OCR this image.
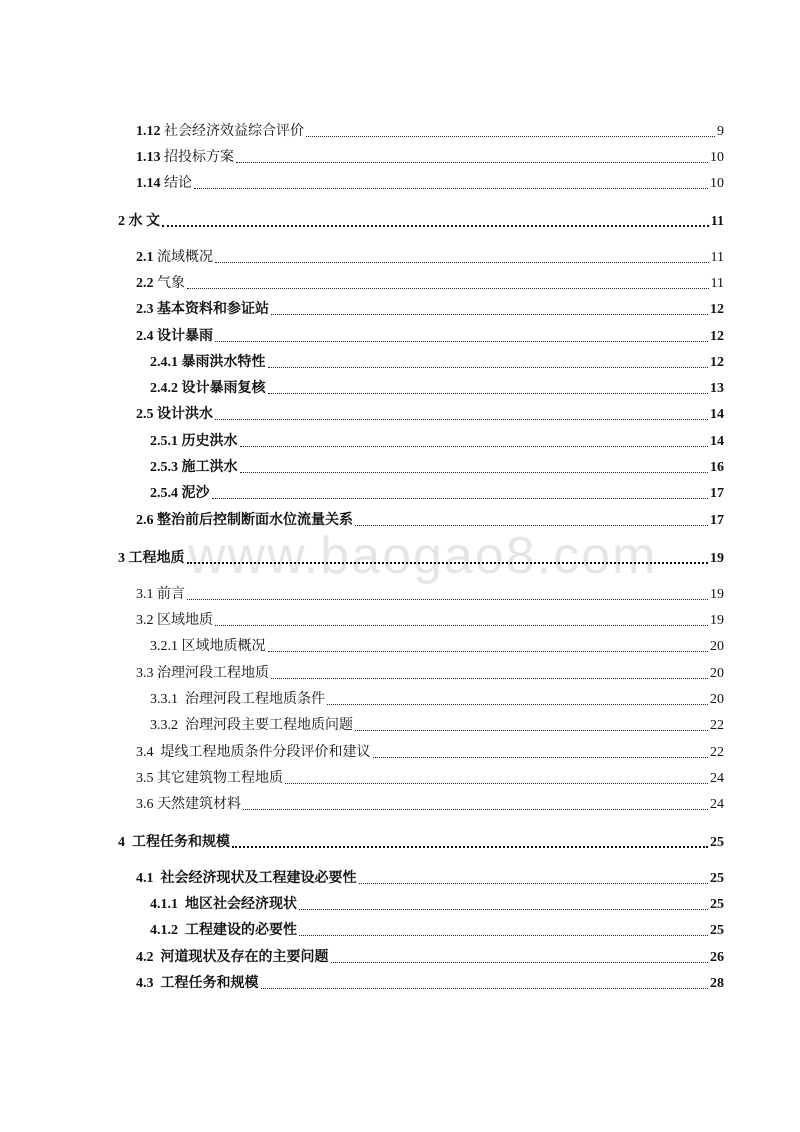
www.baogao8.com
1.12 社会经济效益综合评价	9
1.13 招投标方案	10
1.14 结论	10
2 水 文	11
2.1 流域概况	11
2.2 气象	11
2.3 基本资料和参证站	12
2.4 设计暴雨	12
2.4.1 暴雨洪水特性	12
2.4.2 设计暴雨复核	13
2.5 设计洪水	14
2.5.1 历史洪水	14
2.5.3 施工洪水	16
2.5.4 泥沙	17
2.6 整治前后控制断面水位流量关系	17
3 工程地质	19
3.1 前言	19
3.2 区域地质	19
3.2.1 区域地质概况	20
3.3 治理河段工程地质	20
3.3.1 治理河段工程地质条件	20
3.3.2 治理河段主要工程地质问题	22
3.4 堤线工程地质条件分段评价和建议	22
3.5 其它建筑物工程地质	24
3.6 天然建筑材料	24
4 工程任务和规模	25
4.1 社会经济现状及工程建设必要性	25
4.1.1 地区社会经济现状	25
4.1.2 工程建设的必要性	25
4.2 河道现状及存在的主要问题	26
4.3 工程任务和规模	28
